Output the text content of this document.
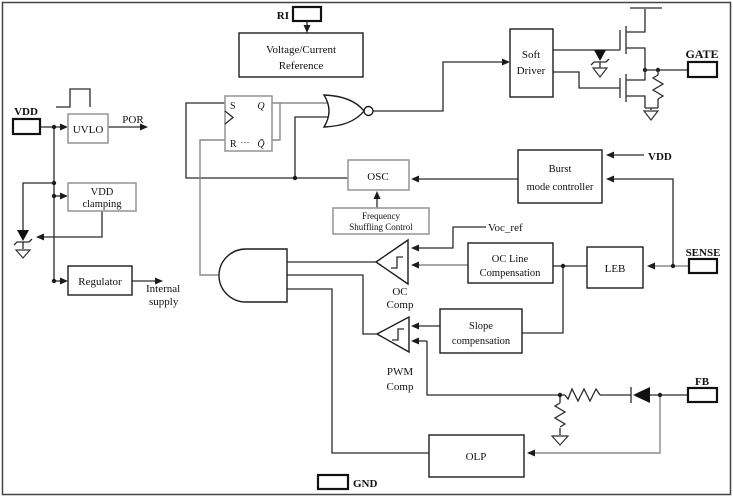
S Q
R ⋯ Q̄
UVLO
VDD
clamping
Regulator
Voltage/Current
Reference
Soft
Driver
OSC
Burst
mode controller
Frequency
Shuffling Control
OC Line
Compensation	LEB
Slope
compensation
OLP
VDD
RI
GATE
SENSE
FB
GND
POR
Internal
supply
VDD
Voc_ref
OC
Comp
PWM
Comp
